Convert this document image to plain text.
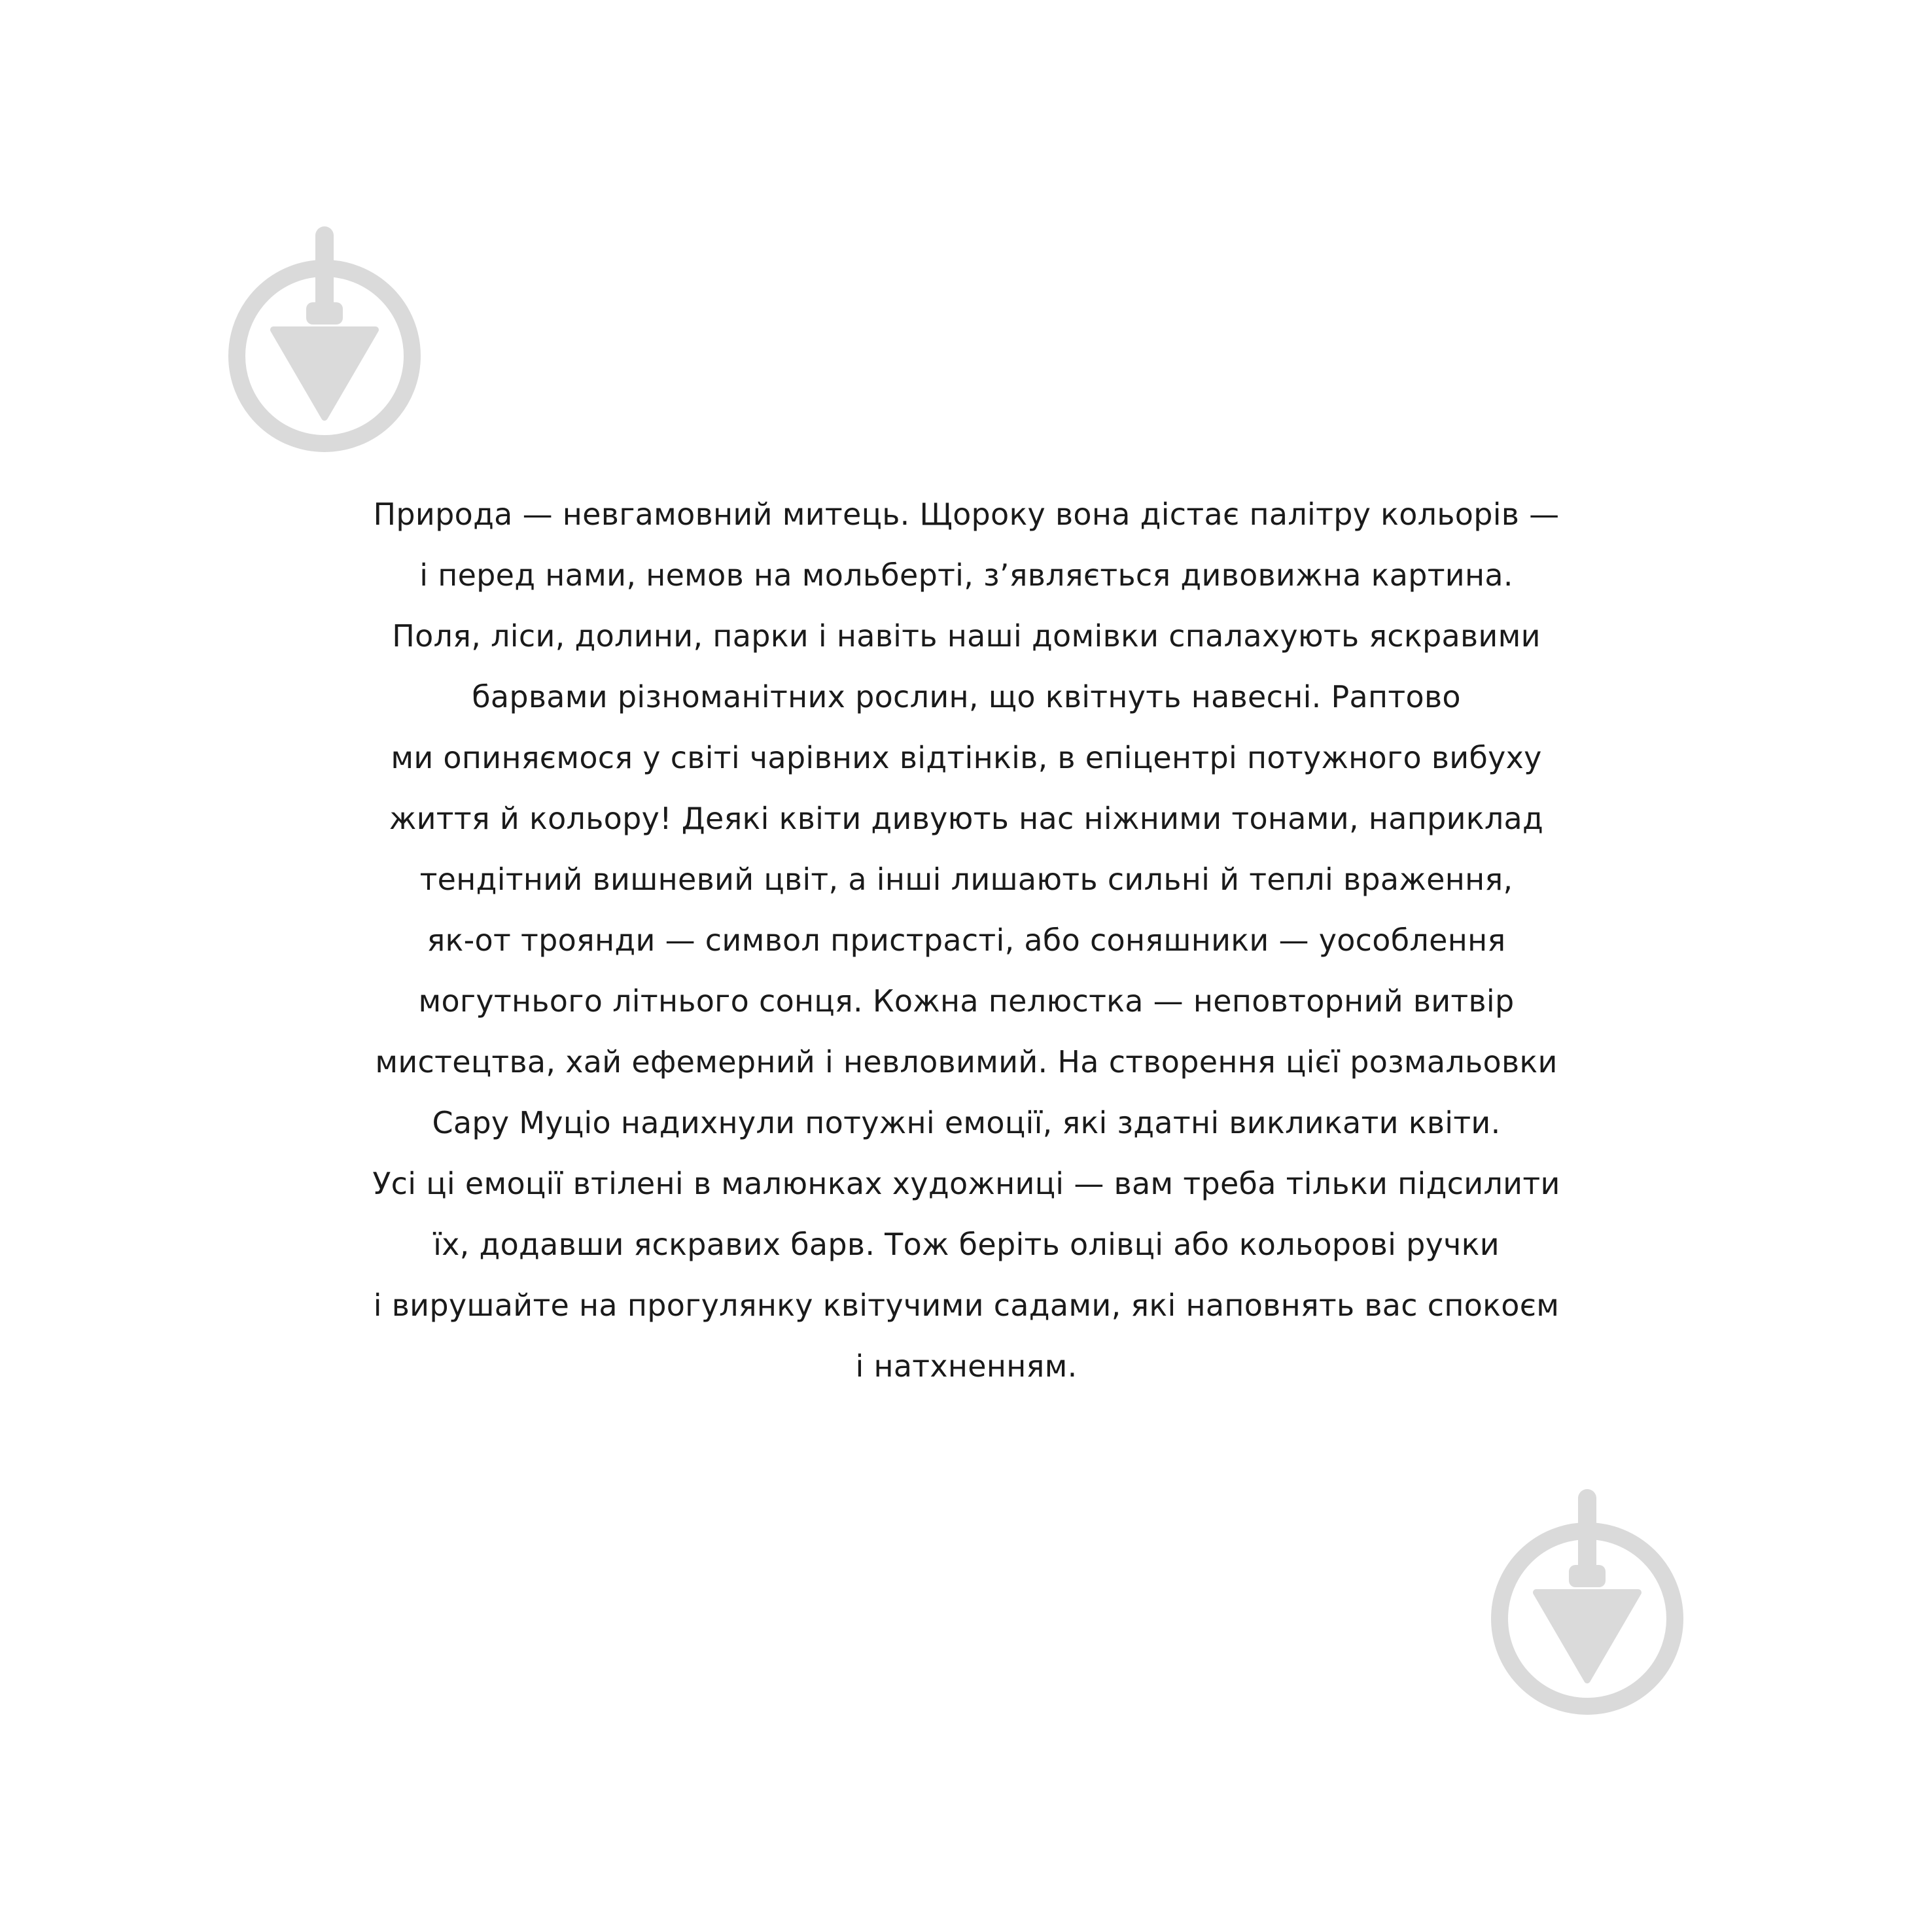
Природа — невгамовний митець. Щороку вона дістає палітру кольорів —
і перед нами, немов на мольберті, з’являється дивовижна картина.
Поля, ліси, долини, парки і навіть наші домівки спалахують яскравими
барвами різноманітних рослин, що квітнуть навесні. Раптово
ми опиняємося у світі чарівних відтінків, в епіцентрі потужного вибуху
життя й кольору! Деякі квіти дивують нас ніжними тонами, наприклад
тендітний вишневий цвіт, а інші лишають сильні й теплі враження,
як-от троянди — символ пристрасті, або соняшники — уособлення
могутнього літнього сонця. Кожна пелюстка — неповторний витвір
мистецтва, хай ефемерний і невловимий. На створення цієї розмальовки
Сару Муціо надихнули потужні емоції, які здатні викликати квіти.
Усі ці емоції втілені в малюнках художниці — вам треба тільки підсилити
їх, додавши яскравих барв. Тож беріть олівці або кольорові ручки
і вирушайте на прогулянку квітучими садами, які наповнять вас спокоєм
і натхненням.
